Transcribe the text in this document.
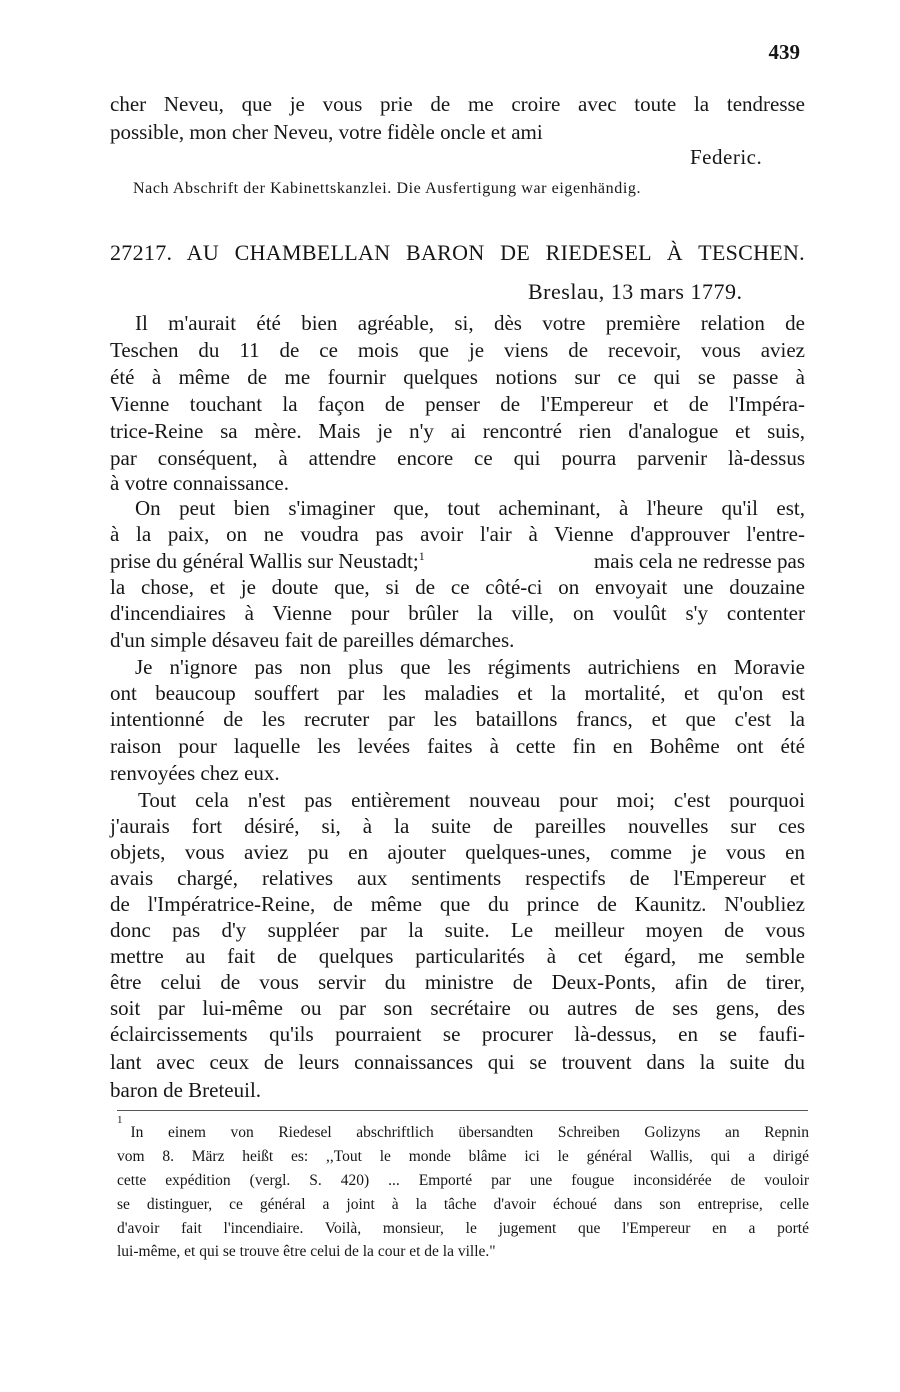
439
cher Neveu, que je vous prie de me croire avec toute la tendresse
possible, mon cher Neveu, votre fidèle oncle et ami
Federic.
Nach Abschrift der Kabinettskanzlei. Die Ausfertigung war eigenhändig.
27217. AU CHAMBELLAN BARON DE RIEDESEL À TESCHEN.
Breslau, 13 mars 1779.
Il m'aurait été bien agréable, si, dès votre première relation de
Teschen du 11 de ce mois que je viens de recevoir, vous aviez
été à même de me fournir quelques notions sur ce qui se passe à
Vienne touchant la façon de penser de l'Empereur et de l'Impéra-
trice-Reine sa mère. Mais je n'y ai rencontré rien d'analogue et suis,
par conséquent, à attendre encore ce qui pourra parvenir là-dessus
à votre connaissance.
On peut bien s'imaginer que, tout acheminant, à l'heure qu'il est,
à la paix, on ne voudra pas avoir l'air à Vienne d'approuver l'entre-
prise du général Wallis sur Neustadt;$^1$	mais cela ne redresse pas
la chose, et je doute que, si de ce côté-ci on envoyait une douzaine
d'incendiaires à Vienne pour brûler la ville, on voulût s'y contenter
d'un simple désaveu fait de pareilles démarches.
Je n'ignore pas non plus que les régiments autrichiens en Moravie
ont beaucoup souffert par les maladies et la mortalité, et qu'on est
intentionné de les recruter par les bataillons francs, et que c'est la
raison pour laquelle les levées faites à cette fin en Bohême ont été
renvoyées chez eux.
Tout cela n'est pas entièrement nouveau pour moi; c'est pourquoi
j'aurais fort désiré, si, à la suite de pareilles nouvelles sur ces
objets, vous aviez pu en ajouter quelques-unes, comme je vous en
avais chargé, relatives aux sentiments respectifs de l'Empereur et
de l'Impératrice-Reine, de même que du prince de Kaunitz. N'oubliez
donc pas d'y suppléer par la suite. Le meilleur moyen de vous
mettre au fait de quelques particularités à cet égard, me semble
être celui de vous servir du ministre de Deux-Ponts, afin de tirer,
soit par lui-même ou par son secrétaire ou autres de ses gens, des
éclaircissements qu'ils pourraient se procurer là-dessus, en se faufi-
lant avec ceux de leurs connaissances qui se trouvent dans la suite du
baron de Breteuil.
1
In einem von Riedesel abschriftlich übersandten Schreiben Golizyns an Repnin
vom 8. März heißt es: ,,Tout le monde blâme ici le général Wallis, qui a dirigé
cette expédition (vergl. S. 420) ... Emporté par une fougue inconsidérée de vouloir
se distinguer, ce général a joint à la tâche d'avoir échoué dans son entreprise, celle
d'avoir fait l'incendiaire. Voilà, monsieur, le jugement que l'Empereur en a porté
lui-même, et qui se trouve être celui de la cour et de la ville."
